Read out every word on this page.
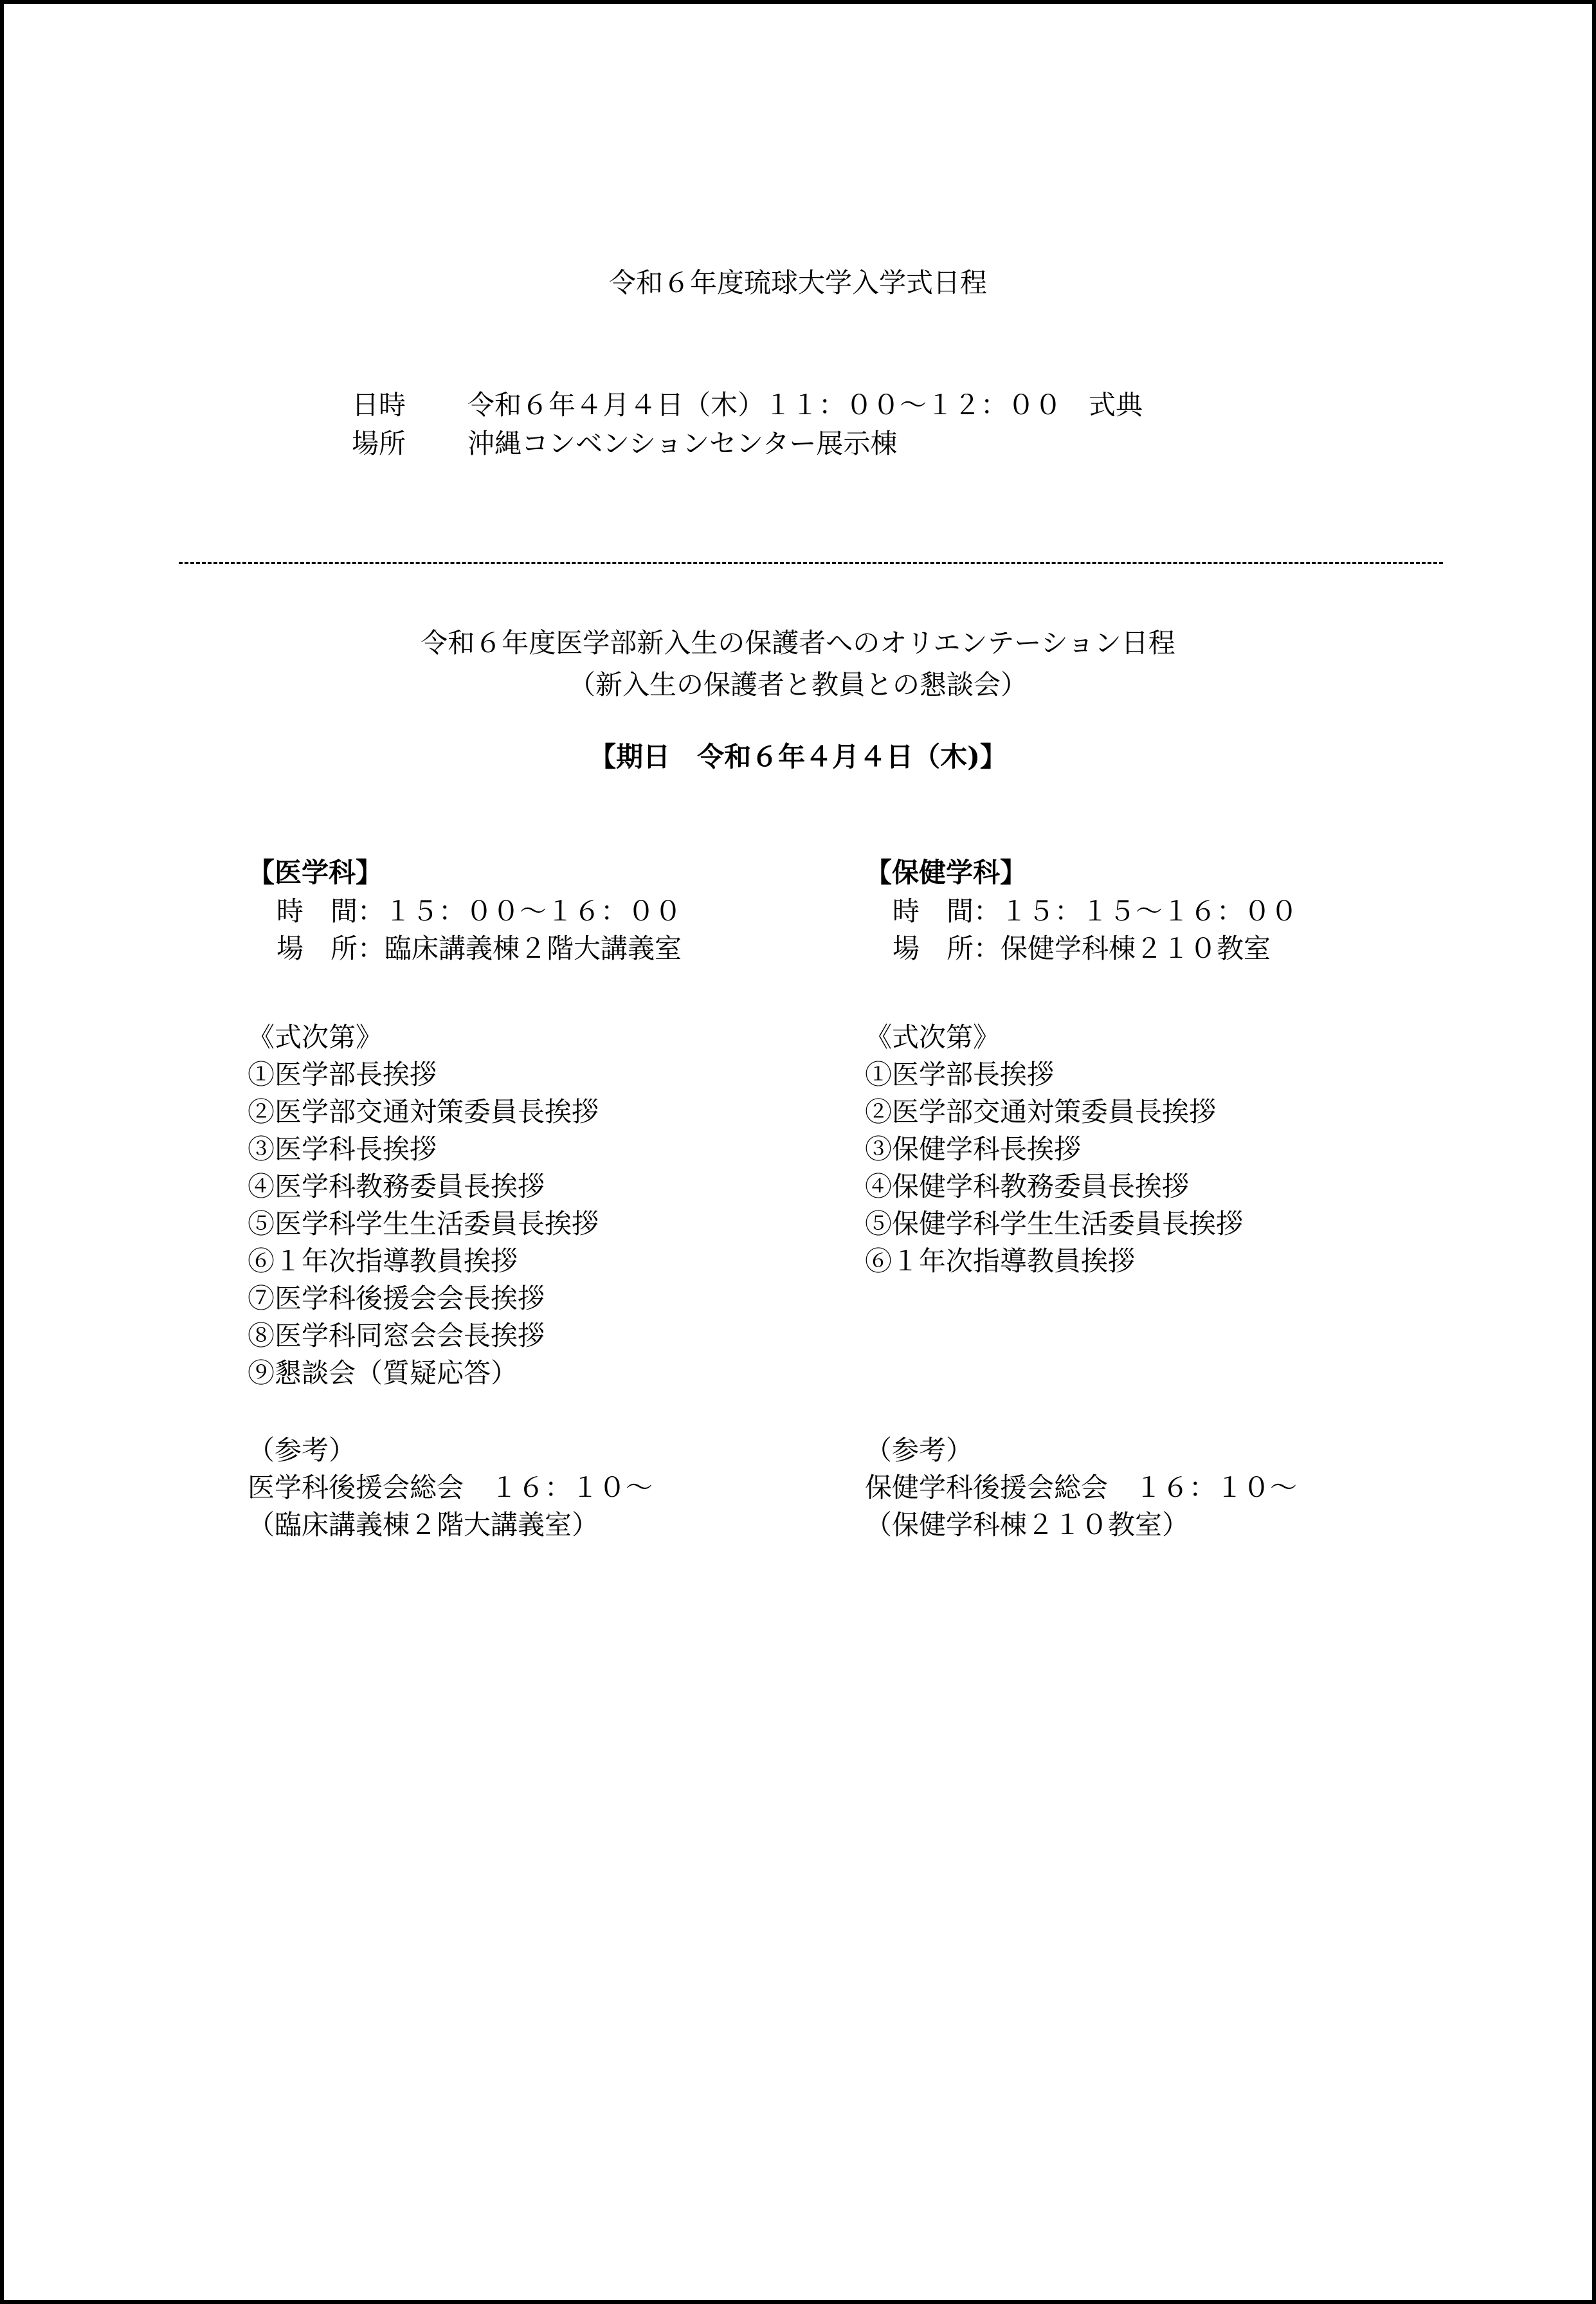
令和６年度琉球大学入学式日程
日時 令和６年４月４日（木）１１：００～１２：００　式典
場所 沖縄コンベンションセンター展示棟
令和６年度医学部新入生の保護者へのオリエンテーション日程
（新入生の保護者と教員との懇談会）
【期日　令和６年４月４日（木)】
【医学科】
時　間：１５：００～１６：００
場　所：臨床講義棟２階大講義室
《式次第》
①医学部長挨拶
②医学部交通対策委員長挨拶
③医学科長挨拶
④医学科教務委員長挨拶
⑤医学科学生生活委員長挨拶
⑥１年次指導教員挨拶
⑦医学科後援会会長挨拶
⑧医学科同窓会会長挨拶
⑨懇談会（質疑応答）
（参考）
医学科後援会総会　１６：１０～
（臨床講義棟２階大講義室）
【保健学科】
時　間：１５：１５～１６：００
場　所：保健学科棟２１０教室
《式次第》
①医学部長挨拶
②医学部交通対策委員長挨拶
③保健学科長挨拶
④保健学科教務委員長挨拶
⑤保健学科学生生活委員長挨拶
⑥１年次指導教員挨拶
（参考）
保健学科後援会総会　１６：１０～
（保健学科棟２１０教室）
